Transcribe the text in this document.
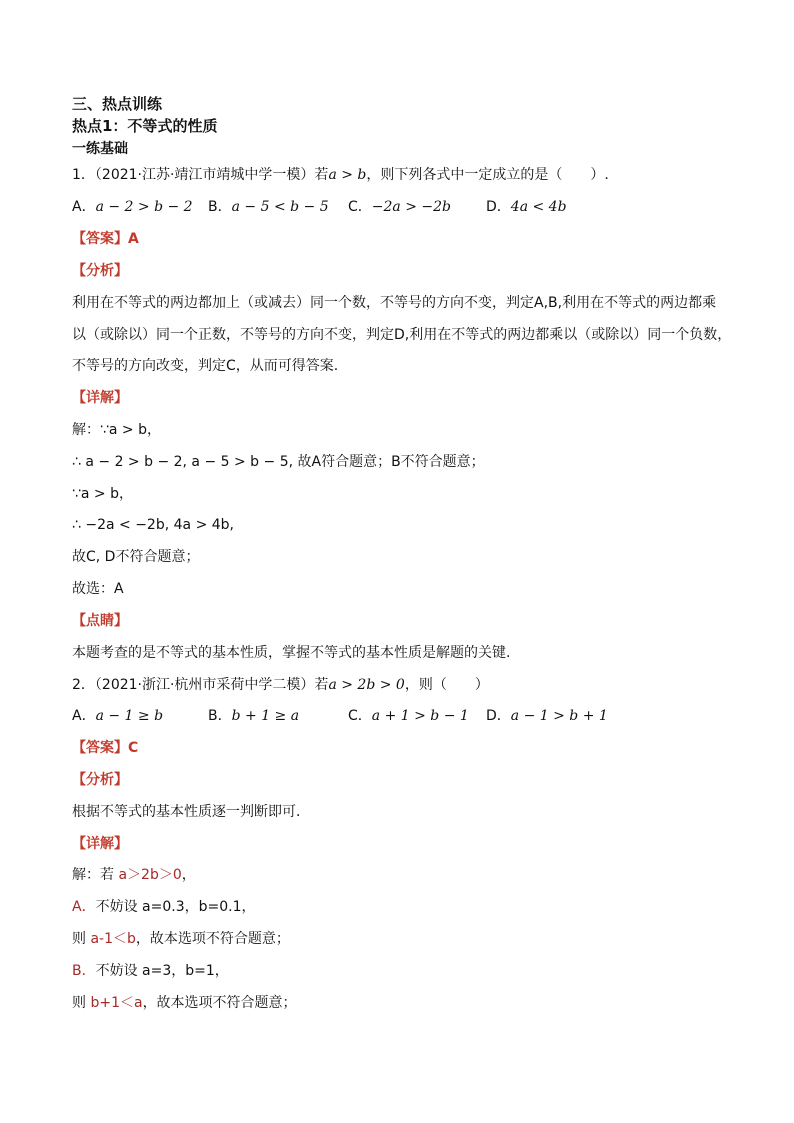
三、热点训练
热点1：不等式的性质
一练基础
1．（2021·江苏·靖江市靖城中学一模）若a > b，则下列各式中一定成立的是（　　）.
A．a − 2 > b − 2 B．a − 5 < b − 5 C．−2a > −2b	D．4a < 4b
【答案】A
【分析】
利用在不等式的两边都加上（或减去）同一个数，不等号的方向不变，判定A,B,利用在不等式的两边都乘
以（或除以）同一个正数，不等号的方向不变，判定D,利用在不等式的两边都乘以（或除以）同一个负数，
不等号的方向改变，判定C，从而可得答案.
【详解】
解：∵a > b，
∴ a − 2 > b − 2, a − 5 > b − 5, 故A符合题意；B不符合题意；
∵a > b，
∴ −2a < −2b, 4a > 4b,
故C, D不符合题意；
故选：A
【点睛】
本题考查的是不等式的基本性质，掌握不等式的基本性质是解题的关键.
2．（2021·浙江·杭州市采荷中学二模）若a > 2b > 0，则（　　）
A．a − 1 ≥ b	B．b + 1 ≥ a	C．a + 1 > b − 1 D．a − 1 > b + 1
【答案】C
【分析】
根据不等式的基本性质逐一判断即可．
【详解】
解：若 a＞2b＞0，
A．不妨设 a=0.3，b=0.1，
则 a-1＜b，故本选项不符合题意；
B．不妨设 a=3，b=1，
则 b+1＜a，故本选项不符合题意；
